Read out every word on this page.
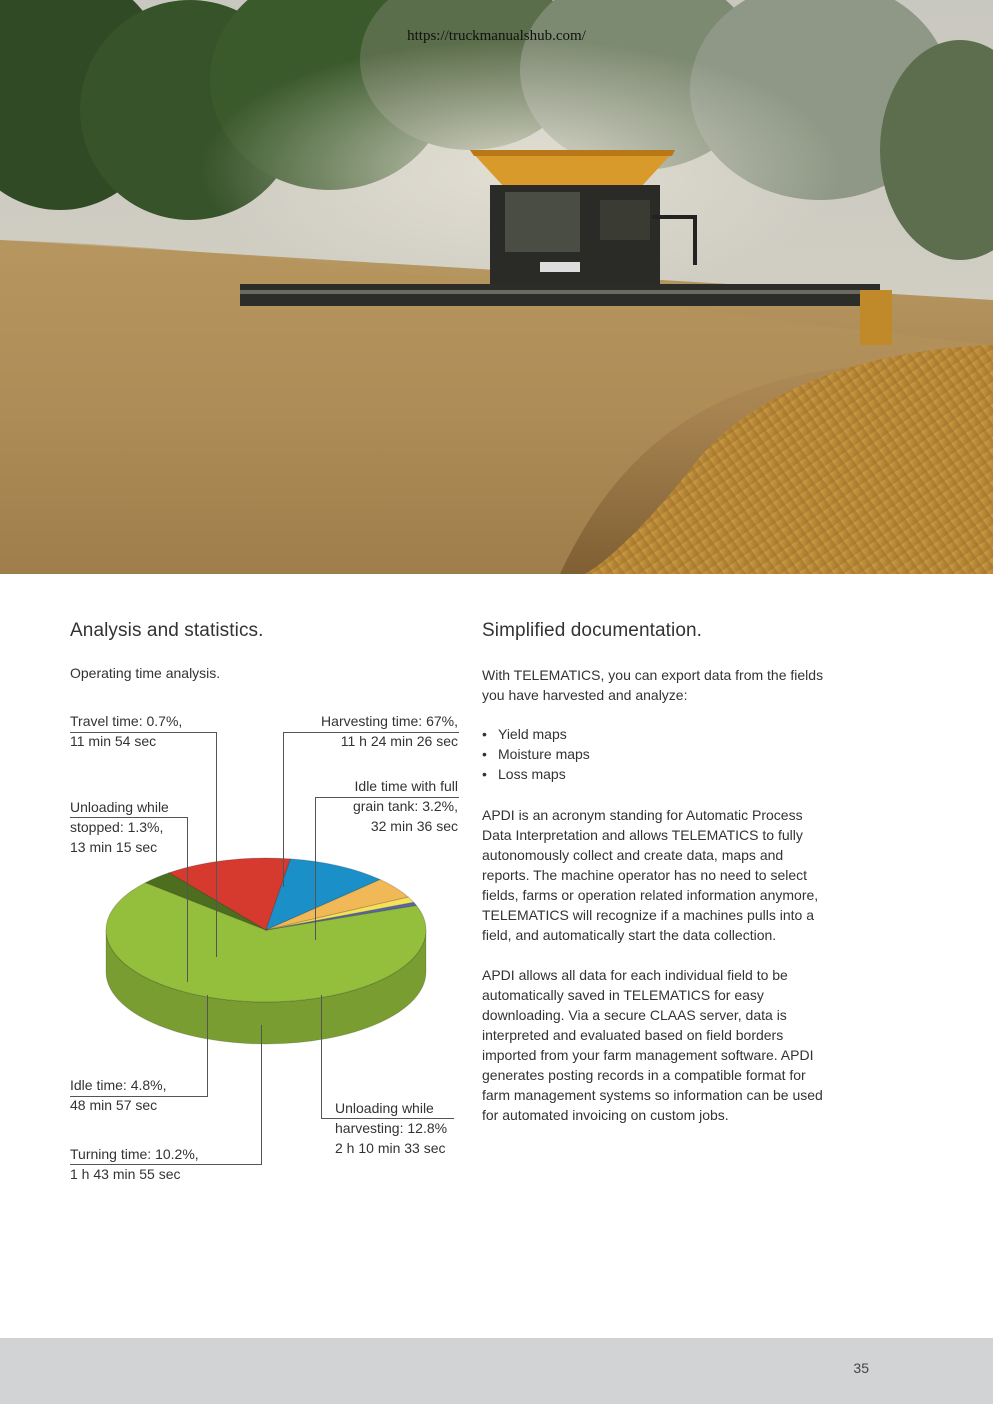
https://truckmanualshub.com/
Analysis and statistics.
Operating time analysis.
Harvesting time: 67%,
11 h 24 min 26 sec
Idle time with full
grain tank: 3.2%,
32 min 36 sec
Travel time: 0.7%,
11 min 54 sec
Unloading while
stopped: 1.3%,
13 min 15 sec
Idle time: 4.8%,
48 min 57 sec
Turning time: 10.2%,
1 h 43 min 55 sec
Unloading while
harvesting: 12.8%
2 h 10 min 33 sec
Simplified documentation.

With TELEMATICS, you can export data from the fields you have harvested and analyze:

• Yield maps
• Moisture maps
• Loss maps

APDI is an acronym standing for Automatic Process Data Interpretation and allows TELEMATICS to fully autonomously collect and create data, maps and reports. The machine operator has no need to select fields, farms or operation related information anymore, TELEMATICS will recognize if a machines pulls into a field, and automatically start the data collection.

APDI allows all data for each individual field to be automatically saved in TELEMATICS for easy downloading. Via a secure CLAAS server, data is interpreted and evaluated based on field borders imported from your farm management software. APDI generates posting records in a compatible format for farm management systems so information can be used for automated invoicing on custom jobs.

35
